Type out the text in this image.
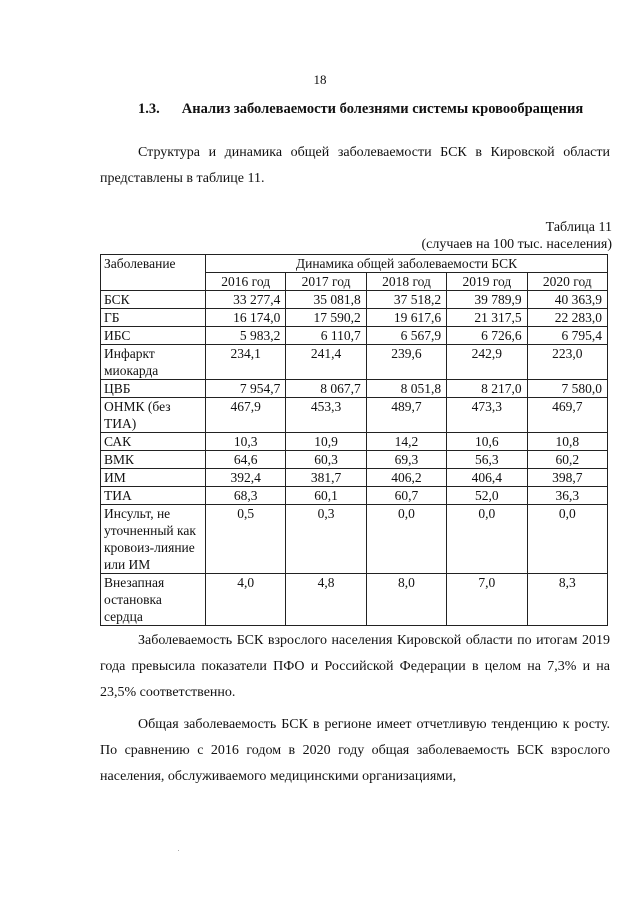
18
1.3. Анализ заболеваемости болезнями системы кровообращения

Структура и динамика общей заболеваемости БСК в Кировской области представлены в таблице 11.

Таблица 11
(случаев на 100 тыс. населения)
Заболевание	Динамика общей заболеваемости БСК				
	2016 год	2017 год	2018 год	2019 год	2020 год
БСК	33 277,4	35 081,8	37 518,2	39 789,9	40 363,9
ГБ	16 174,0	17 590,2	19 617,6	21 317,5	22 283,0
ИБС	5 983,2	6 110,7	6 567,9	6 726,6	6 795,4
Инфаркт миокарда	234,1	241,4	239,6	242,9	223,0
ЦВБ	7 954,7	8 067,7	8 051,8	8 217,0	7 580,0
ОНМК (без ТИА)	467,9	453,3	489,7	473,3	469,7
САК	10,3	10,9	14,2	10,6	10,8
ВМК	64,6	60,3	69,3	56,3	60,2
ИМ	392,4	381,7	406,2	406,4	398,7
ТИА	68,3	60,1	60,7	52,0	36,3
Инсульт, не уточненный как кровоиз-лияние или ИМ	0,5	0,3	0,0	0,0	0,0
Внезапная остановка сердца	4,0	4,8	8,0	7,0	8,3

Заболеваемость БСК взрослого населения Кировской области по итогам 2019 года превысила показатели ПФО и Российской Федерации в целом на 7,3% и на 23,5% соответственно.

Общая заболеваемость БСК в регионе имеет отчетливую тенденцию к росту. По сравнению с 2016 годом в 2020 году общая заболеваемость БСК взрослого населения, обслуживаемого медицинскими организациями,
